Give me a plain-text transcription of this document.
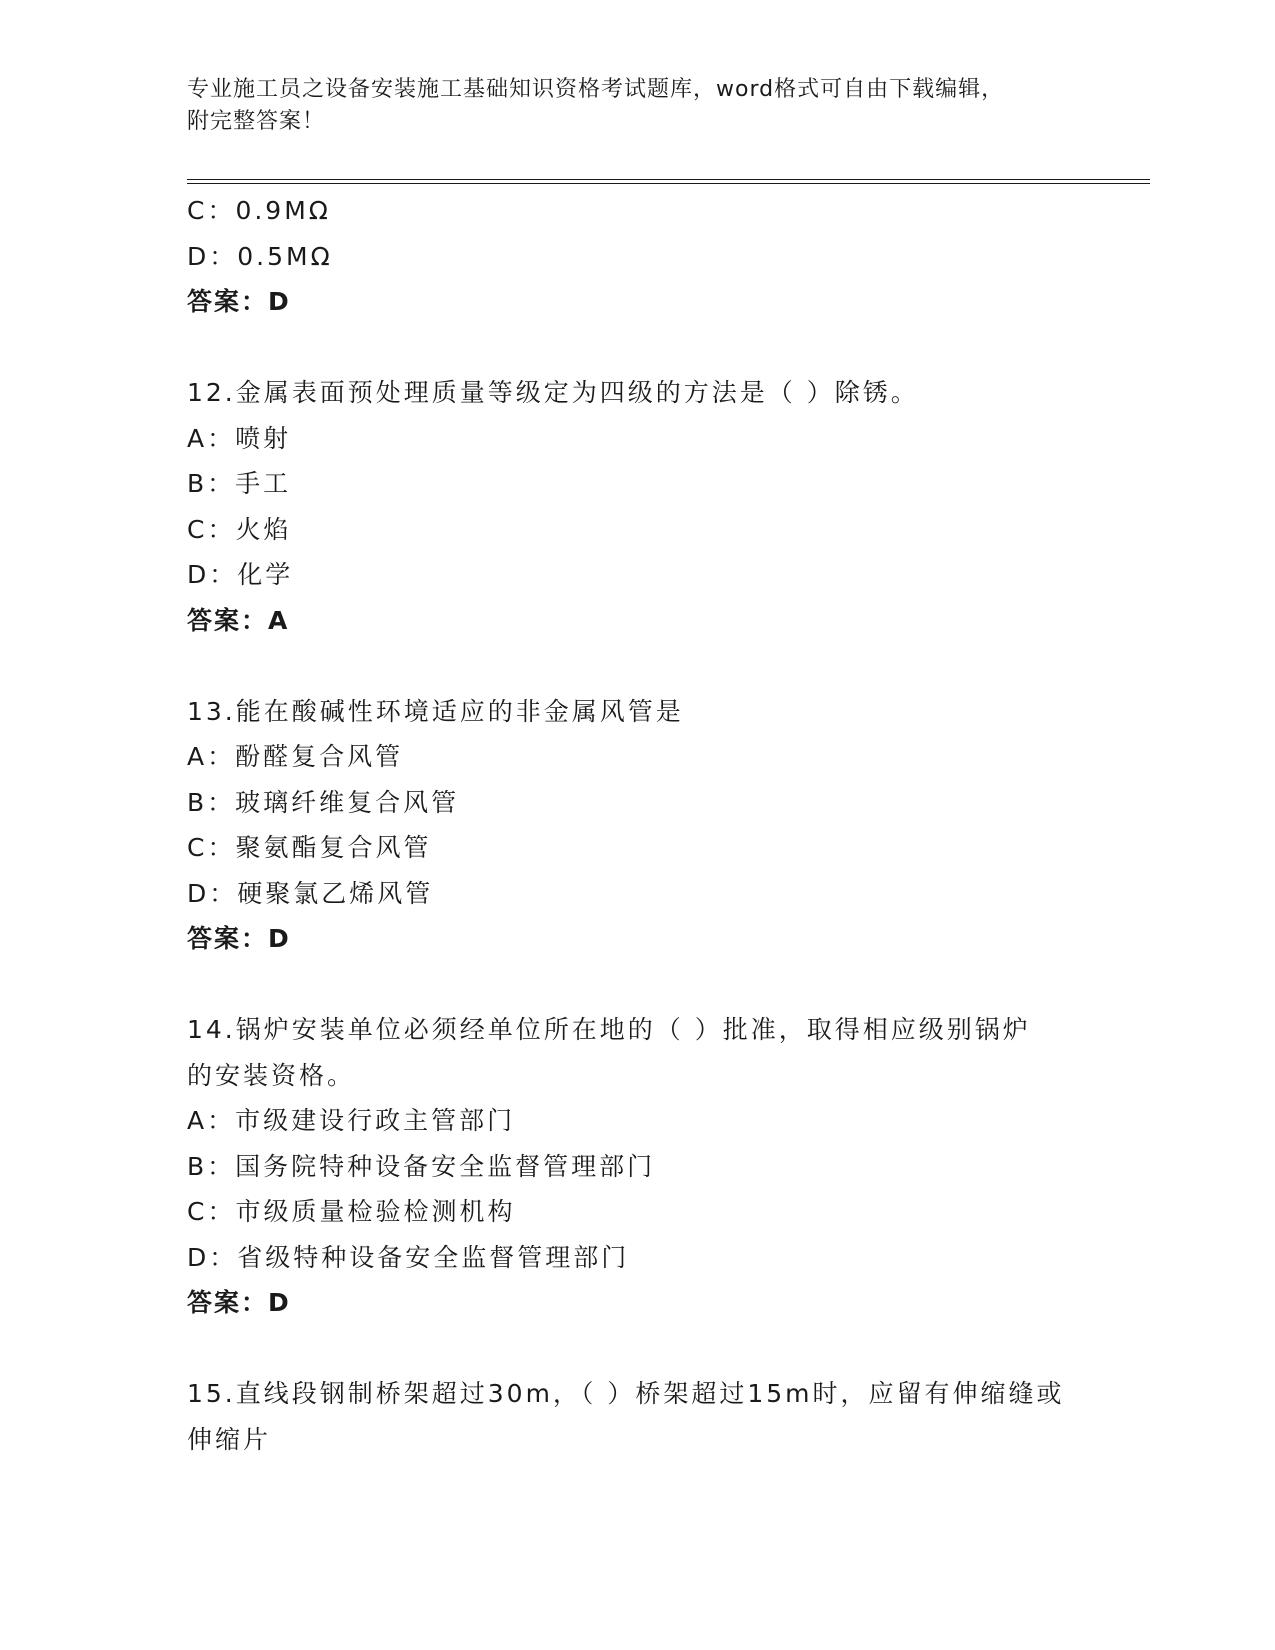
专业施工员之设备安装施工基础知识资格考试题库，word格式可自由下载编辑，
附完整答案！
C：0.9MΩ
D：0.5MΩ
答案：D
12.金属表面预处理质量等级定为四级的方法是（ ）除锈。
A：喷射
B：手工
C：火焰
D：化学
答案：A
13.能在酸碱性环境适应的非金属风管是
A：酚醛复合风管
B：玻璃纤维复合风管
C：聚氨酯复合风管
D：硬聚氯乙烯风管
答案：D
14.锅炉安装单位必须经单位所在地的（ ）批准，取得相应级别锅炉
的安装资格。
A：市级建设行政主管部门
B：国务院特种设备安全监督管理部门
C：市级质量检验检测机构
D：省级特种设备安全监督管理部门
答案：D
15.直线段钢制桥架超过30m，（ ）桥架超过15m时，应留有伸缩缝或
伸缩片
